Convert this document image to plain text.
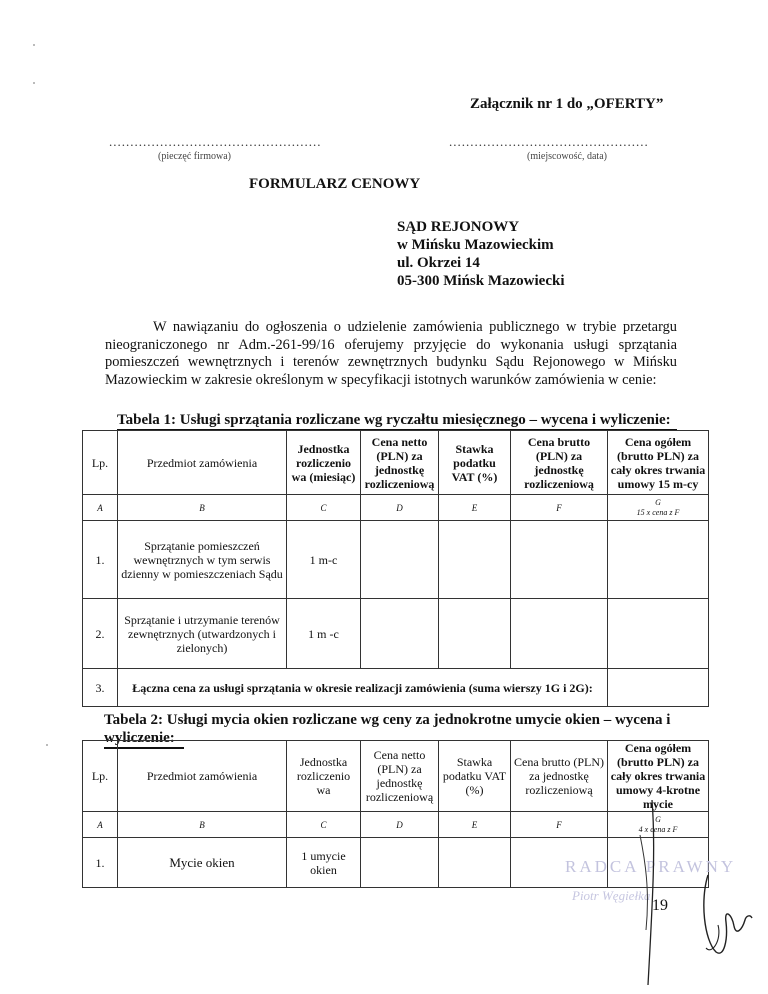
Załącznik nr 1 do „OFERTY”
..................................................	...............................................
(pieczęć firmowa)	(miejscowość, data)
FORMULARZ CENOWY
SĄD REJONOWY
w Mińsku Mazowieckim
ul. Okrzei 14
05-300 Mińsk Mazowiecki

W nawiązaniu do ogłoszenia o udzielenie zamówienia publicznego w trybie przetargu nieograniczonego nr Adm.-261-99/16 oferujemy przyjęcie do wykonania usługi sprzątania pomieszczeń wewnętrznych i terenów zewnętrznych budynku Sądu Rejonowego w Mińsku Mazowieckim w zakresie określonym w specyfikacji istotnych warunków zamówienia w cenie:

Tabela 1: Usługi sprzątania rozliczane wg ryczałtu miesięcznego – wycena i wyliczenie:
Lp.	Przedmiot zamówienia	Jednostka rozliczenio wa (miesiąc)	Cena netto (PLN) za jednostkę rozliczeniową	Stawka podatku VAT (%)	Cena brutto (PLN) za jednostkę rozliczeniową	Cena ogółem (brutto PLN) za cały okres trwania umowy 15 m-cy
A	B	C	D	E	F	G
15 x cena z F

1.	Sprzątanie pomieszczeń wewnętrznych w tym serwis dzienny w pomieszczeniach Sądu	1 m-c				
2.	Sprzątanie i utrzymanie terenów zewnętrznych (utwardzonych i zielonych)	1 m -c				
3.	Łączna cena za usługi sprzątania w okresie realizacji zamówienia (suma wierszy 1G i 2G):					
Tabela 2: Usługi mycia okien rozliczane wg ceny za jednokrotne umycie okien – wycena i wyliczenie:
Lp.	Przedmiot zamówienia	Jednostka rozliczenio wa	Cena netto (PLN) za jednostkę rozliczeniową	Stawka podatku VAT (%)	Cena brutto (PLN) za jednostkę rozliczeniową	Cena ogółem (brutto PLN) za cały okres trwania umowy 4-krotne mycie
A	B	C	D	E	F	G
4 x cena z F

1.	Mycie okien	1 umycie okien					RADCA PRAWNY
Piotr Węgiełka
19
